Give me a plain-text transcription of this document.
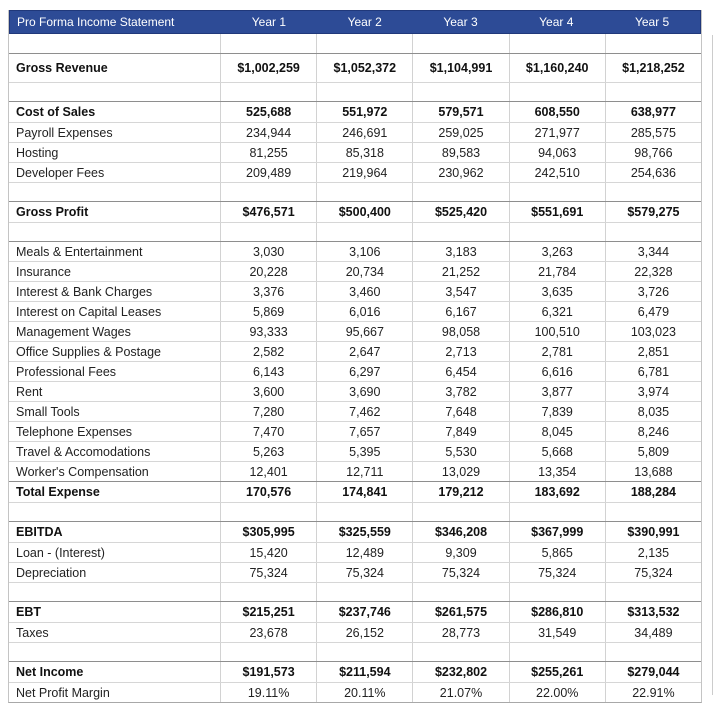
Pro Forma Income Statement	Year 1	Year 2	Year 3	Year 4	Year 5
Gross Revenue	$1,002,259	$1,052,372	$1,104,991	$1,160,240	$1,218,252
Cost of Sales	525,688	551,972	579,571	608,550	638,977
Payroll Expenses	234,944	246,691	259,025	271,977	285,575
Hosting	81,255	85,318	89,583	94,063	98,766
Developer Fees	209,489	219,964	230,962	242,510	254,636
Gross Profit	$476,571	$500,400	$525,420	$551,691	$579,275
Meals & Entertainment	3,030	3,106	3,183	3,263	3,344
Insurance	20,228	20,734	21,252	21,784	22,328
Interest & Bank Charges	3,376	3,460	3,547	3,635	3,726
Interest on Capital Leases	5,869	6,016	6,167	6,321	6,479
Management Wages	93,333	95,667	98,058	100,510	103,023
Office Supplies & Postage	2,582	2,647	2,713	2,781	2,851
Professional Fees	6,143	6,297	6,454	6,616	6,781
Rent	3,600	3,690	3,782	3,877	3,974
Small Tools	7,280	7,462	7,648	7,839	8,035
Telephone Expenses	7,470	7,657	7,849	8,045	8,246
Travel & Accomodations	5,263	5,395	5,530	5,668	5,809
Worker's Compensation	12,401	12,711	13,029	13,354	13,688
Total Expense	170,576	174,841	179,212	183,692	188,284
EBITDA	$305,995	$325,559	$346,208	$367,999	$390,991
Loan - (Interest)	15,420	12,489	9,309	5,865	2,135
Depreciation	75,324	75,324	75,324	75,324	75,324
EBT	$215,251	$237,746	$261,575	$286,810	$313,532
Taxes	23,678	26,152	28,773	31,549	34,489
Net Income	$191,573	$211,594	$232,802	$255,261	$279,044
Net Profit Margin	19.11%	20.11%	21.07%	22.00%	22.91%
